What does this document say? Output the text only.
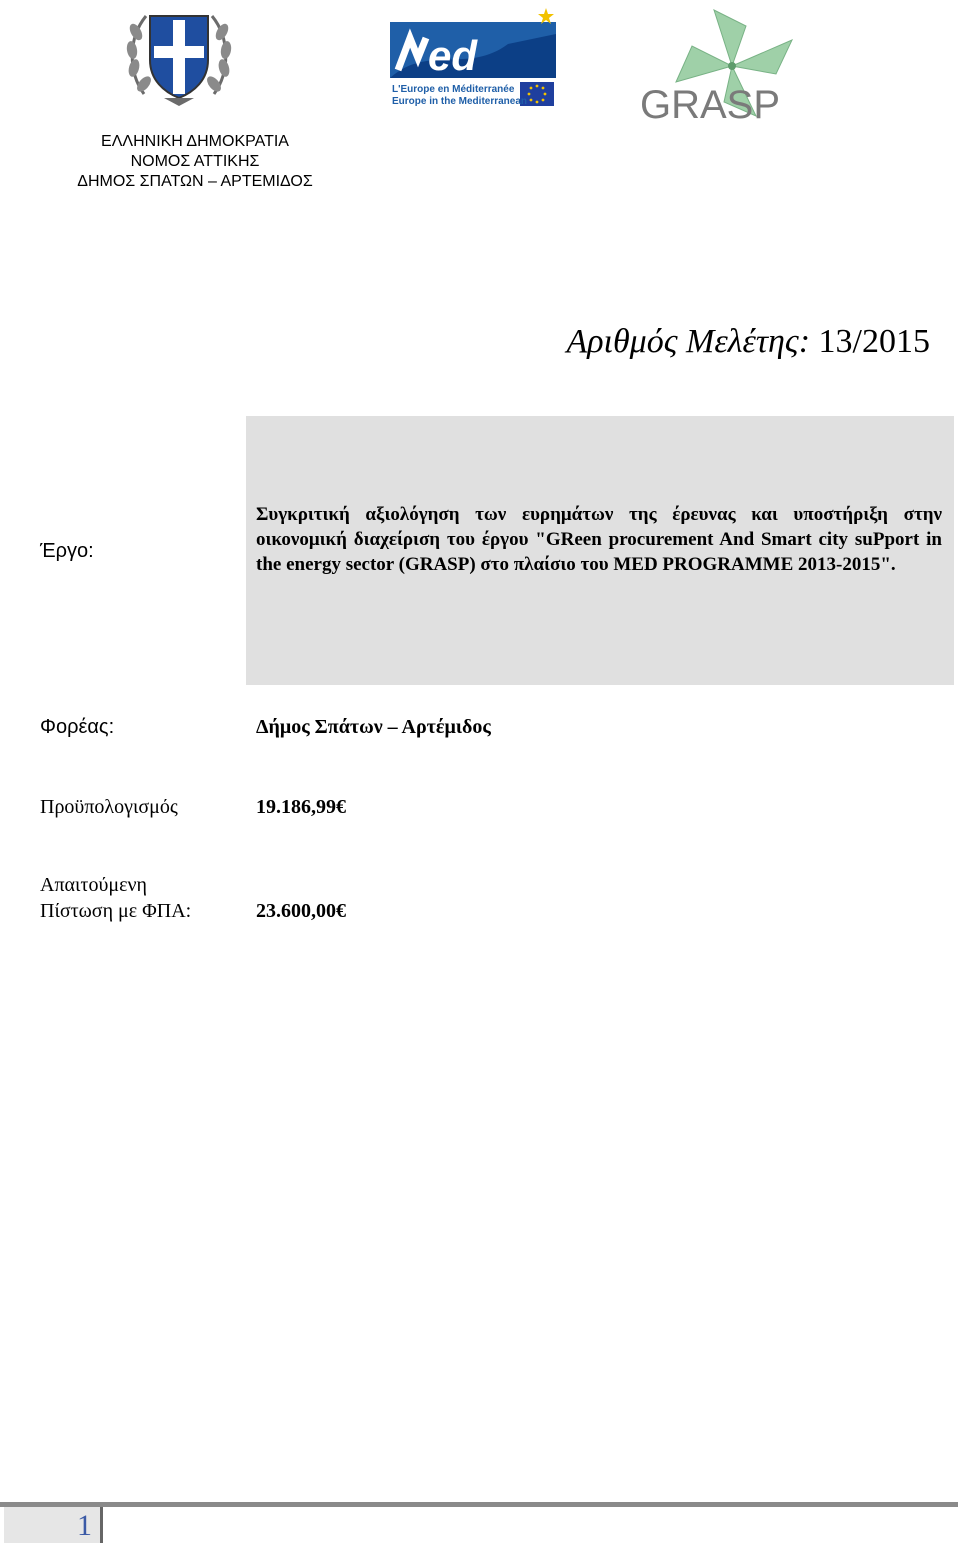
ed
L'Europe en Méditerranée
Europe in the Mediterranean	GRASP
ΕΛΛΗΝΙΚΗ ΔΗΜΟΚΡΑΤΙΑ
ΝΟΜΟΣ ΑΤΤΙΚΗΣ
ΔΗΜΟΣ ΣΠΑΤΩΝ – ΑΡΤΕΜΙΔΟΣ
Αριθμός Μελέτης: 13/2015
Έργο:
Συγκριτική αξιολόγηση των ευρημάτων της έρευνας και υποστήριξη στην οικονομική διαχείριση του έργου "GReen procurement And Smart city suPport in the energy sector (GRASP) στο πλαίσιο του MED PROGRAMME 2013-2015".
Φορέας:	Δήμος Σπάτων – Αρτέμιδος
Προϋπολογισμός	19.186,99€
Απαιτούμενη
Πίστωση με ΦΠΑ:	23.600,00€
1
